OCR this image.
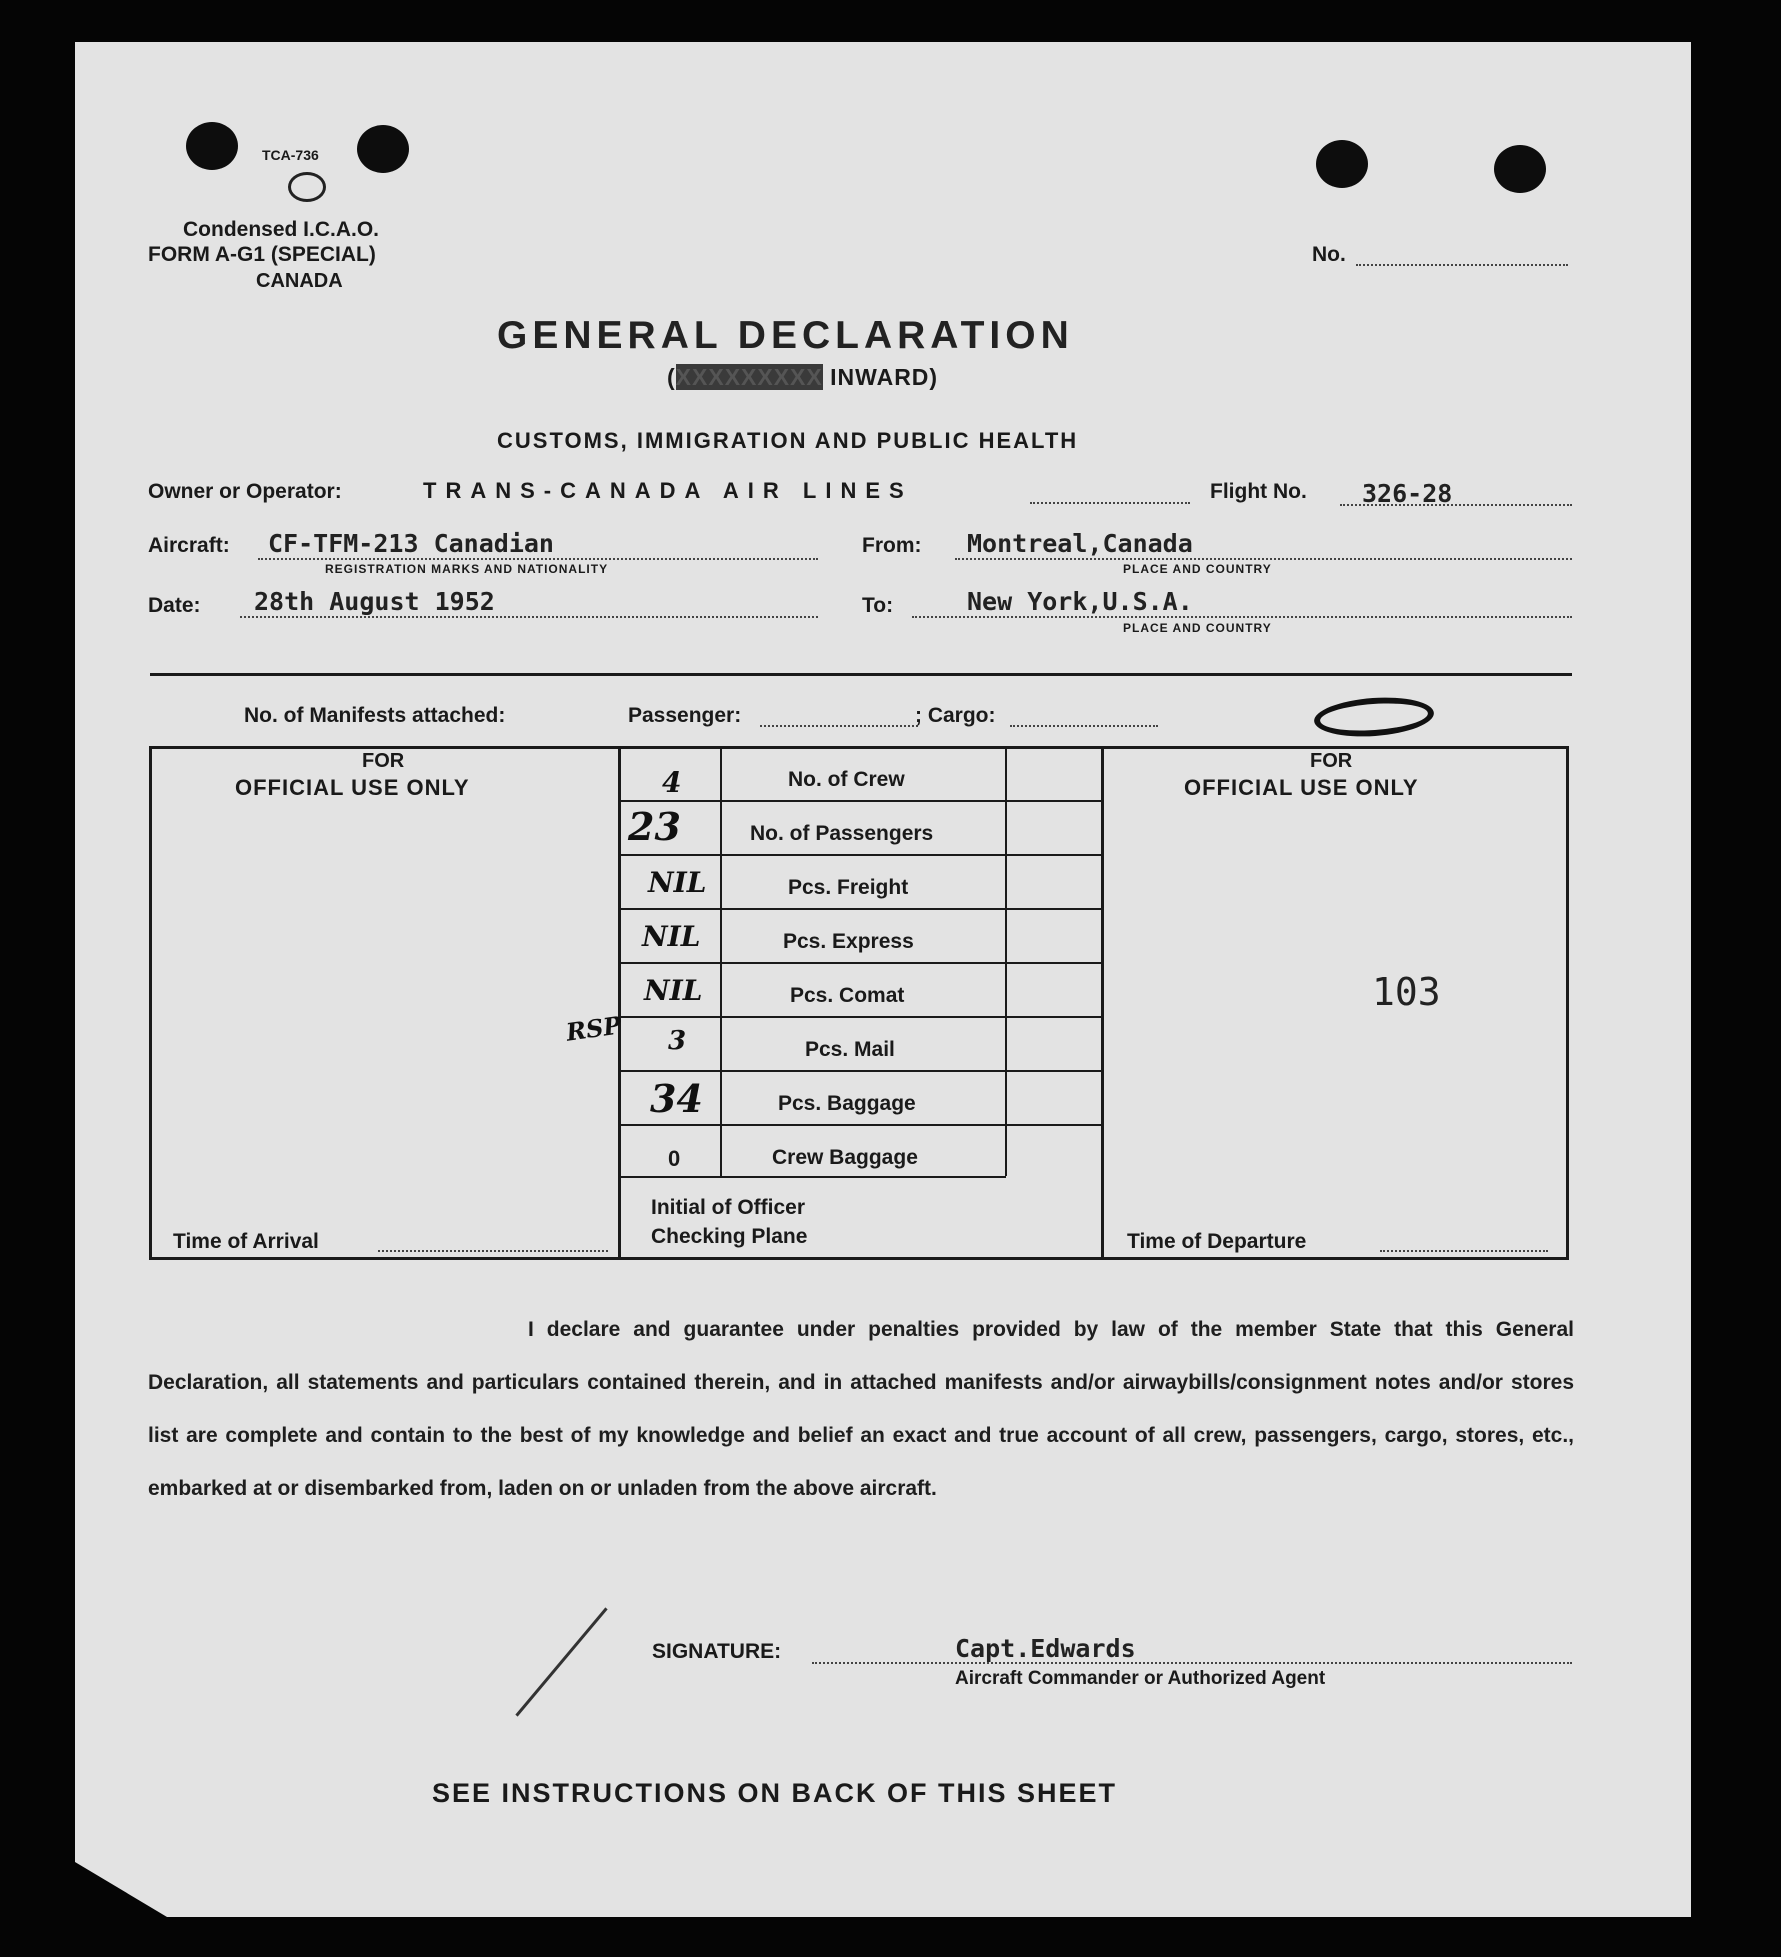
TCA-736
Condensed I.C.A.O.
FORM A-G1 (SPECIAL)
CANADA
No.
GENERAL DECLARATION
(XXXXXXXXX INWARD)
CUSTOMS, IMMIGRATION AND PUBLIC HEALTH
Owner or Operator:	TRANS-CANADA AIR LINES	Flight No. 326-28
Aircraft: CF-TFM-213 Canadian
REGISTRATION MARKS AND NATIONALITY
From: Montreal,Canada
PLACE AND COUNTRY
Date: 28th August 1952	To:	New York,U.S.A.
PLACE AND COUNTRY
No. of Manifests attached:	Passenger:	; Cargo:
FOR
OFFICIAL USE ONLY
Time of Arrival
FOR
OFFICIAL USE ONLY
103
Time of Departure
4	No. of Crew
23	No. of Passengers
NIL	Pcs. Freight
NIL	Pcs. Express
NIL	Pcs. Comat
3	Pcs. Mail
34	Pcs. Baggage
0	Crew Baggage
RSP
Initial of Officer
Checking Plane
I declare and guarantee under penalties provided by law of the member State that this General Declaration, all statements and particulars contained therein, and in attached manifests and/or airwaybills/consignment notes and/or stores list are complete and contain to the best of my knowledge and belief an exact and true account of all crew, passengers, cargo, stores, etc., embarked at or disembarked from, laden on or unladen from the above aircraft.
SIGNATURE:	Capt.Edwards
Aircraft Commander or Authorized Agent
SEE INSTRUCTIONS ON BACK OF THIS SHEET
